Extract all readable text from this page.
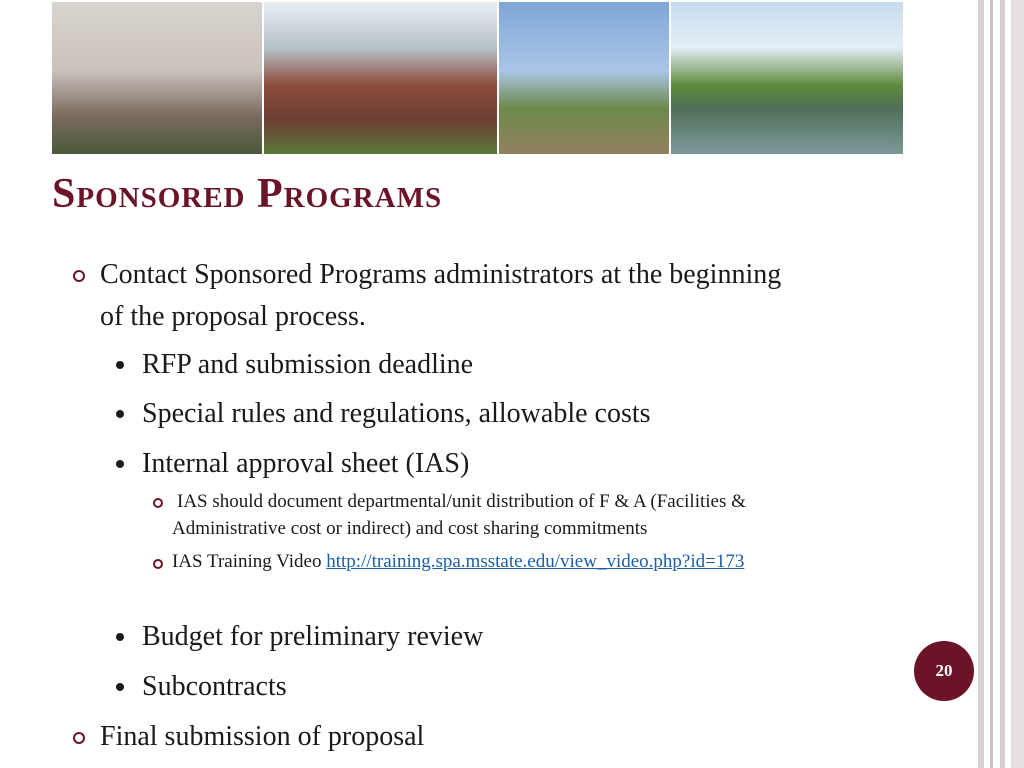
Sponsored Programs

Contact Sponsored Programs administrators at the beginning

of the proposal process.

RFP and submission deadline

Special rules and regulations, allowable costs

Internal approval sheet (IAS)

IAS should document departmental/unit distribution of F & A (Facilities &

Administrative cost or indirect) and cost sharing commitments

IAS Training Video http://training.spa.msstate.edu/view_video.php?id=173

Budget for preliminary review

Subcontracts

Final submission of proposal

20
